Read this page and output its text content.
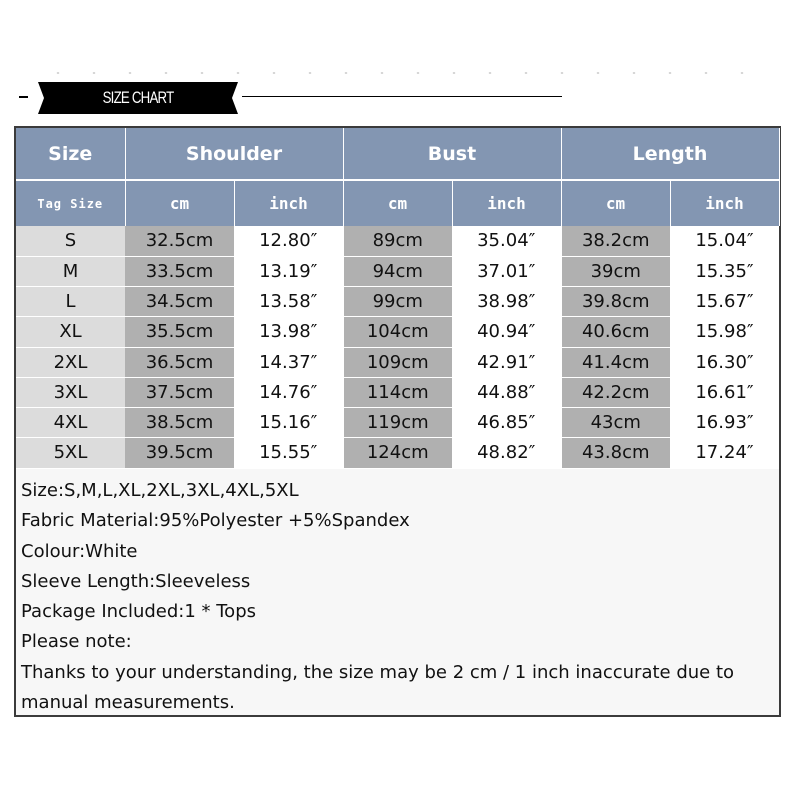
SIZE CHART
Size	Shoulder		Bust		Length	
Tag Size	cm	inch	cm	inch	cm	inch
S	32.5cm	12.80″	89cm	35.04″	38.2cm	15.04″
M	33.5cm	13.19″	94cm	37.01″	39cm	15.35″
L	34.5cm	13.58″	99cm	38.98″	39.8cm	15.67″
XL	35.5cm	13.98″	104cm	40.94″	40.6cm	15.98″
2XL	36.5cm	14.37″	109cm	42.91″	41.4cm	16.30″
3XL	37.5cm	14.76″	114cm	44.88″	42.2cm	16.61″
4XL	38.5cm	15.16″	119cm	46.85″	43cm	16.93″
5XL	39.5cm	15.55″	124cm	48.82″	43.8cm	17.24″
Size:S,M,L,XL,2XL,3XL,4XL,5XL
Fabric Material:95%Polyester +5%Spandex
Colour:White
Sleeve Length:Sleeveless
Package Included:1 * Tops
Please note:
Thanks to your understanding, the size may be 2 cm / 1 inch inaccurate due to
manual measurements.
